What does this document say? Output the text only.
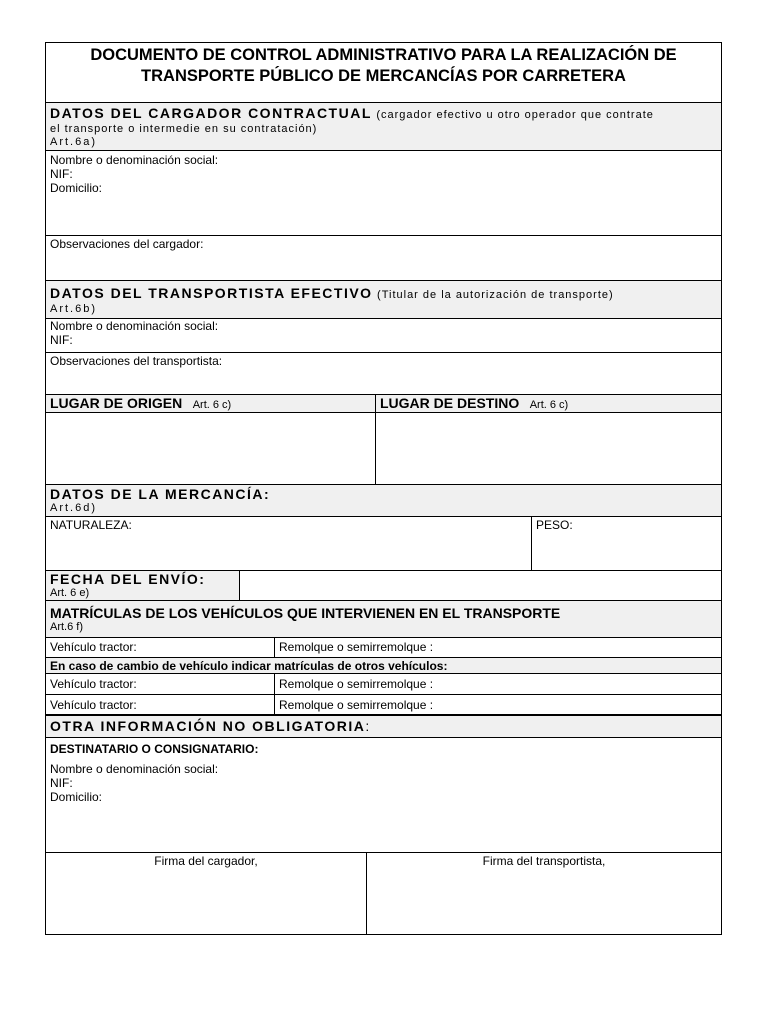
DOCUMENTO DE CONTROL ADMINISTRATIVO PARA LA REALIZACIÓN DE
TRANSPORTE PÚBLICO DE MERCANCÍAS POR CARRETERA
DATOS DEL CARGADOR CONTRACTUAL (cargador efectivo u otro operador que contrate
el transporte o intermedie en su contratación)
Art.6a)
Nombre o denominación social:
NIF:
Domicilio:
Observaciones del cargador:
DATOS DEL TRANSPORTISTA EFECTIVO (Titular de la autorización de transporte)
Art.6b)
Nombre o denominación social:
NIF:
Observaciones del transportista:
LUGAR DE ORIGEN Art. 6 c)	LUGAR DE DESTINO Art. 6 c)
DATOS DE LA MERCANCÍA:
Art.6d)
NATURALEZA:	PESO:
FECHA DEL ENVÍO:
Art. 6 e)
MATRÍCULAS DE LOS VEHÍCULOS QUE INTERVIENEN EN EL TRANSPORTE
Art.6 f)
Vehículo tractor:	Remolque o semirremolque :
En caso de cambio de vehículo indicar matrículas de otros vehículos:
Vehículo tractor:	Remolque o semirremolque :
Vehículo tractor:	Remolque o semirremolque :
OTRA INFORMACIÓN NO OBLIGATORIA:
DESTINATARIO O CONSIGNATARIO:
Nombre o denominación social:
NIF:
Domicilio:
Firma del cargador,	Firma del transportista,
